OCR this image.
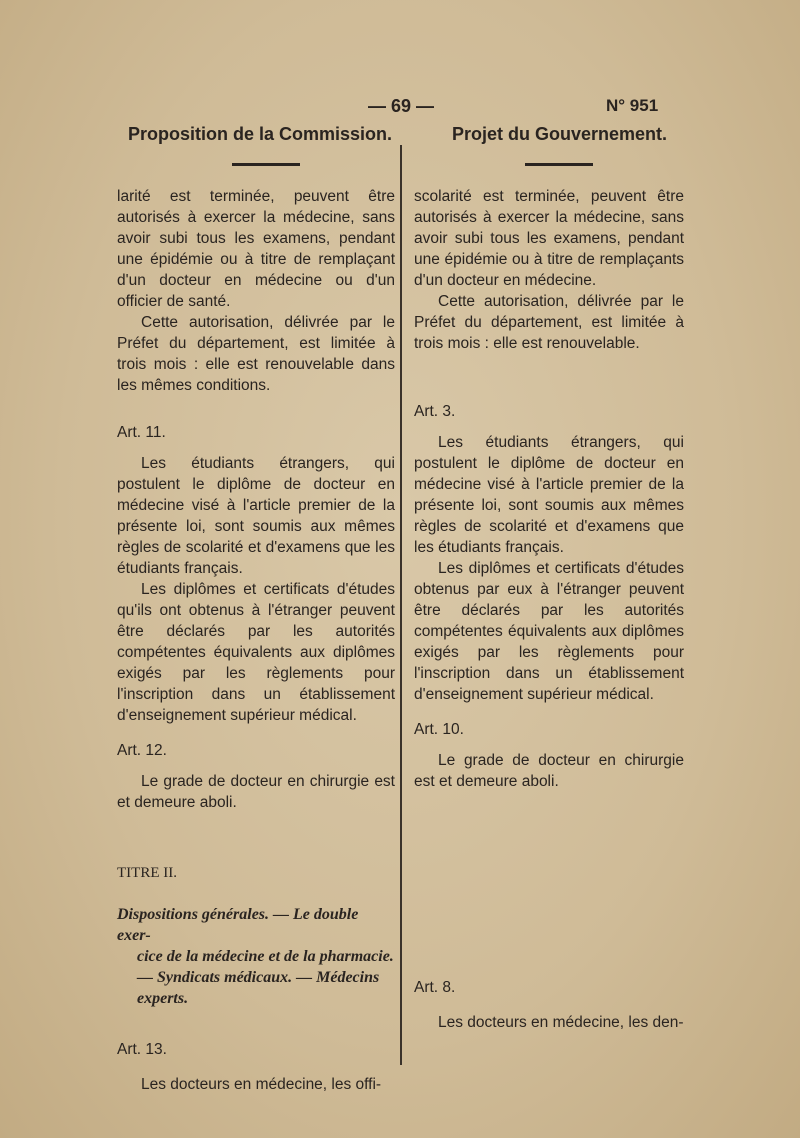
— 69 —	N° 951
Proposition de la Commission.	Projet du Gouvernement.

larité est terminée, peuvent être autorisés à exercer la médecine, sans avoir subi tous les examens, pendant une épidémie ou à titre de remplaçant d'un docteur en médecine ou d'un officier de santé.

Cette autorisation, délivrée par le Préfet du département, est limitée à trois mois : elle est renouvelable dans les mêmes conditions.

Art. 11.

Les étudiants étrangers, qui postulent le diplôme de docteur en médecine visé à l'article premier de la présente loi, sont soumis aux mêmes règles de scolarité et d'examens que les étudiants français.

Les diplômes et certificats d'études qu'ils ont obtenus à l'étranger peuvent être déclarés par les autorités compétentes équivalents aux diplômes exigés par les règlements pour l'inscription dans un établissement d'enseignement supérieur médical.

Art. 12.

Le grade de docteur en chirurgie est et demeure aboli.

TITRE II.

Dispositions générales. — Le double exer-
cice de la médecine et de la pharmacie.
— Syndicats médicaux. — Médecins
experts.

Art. 13.

Les docteurs en médecine, les offi-

scolarité est terminée, peuvent être autorisés à exercer la médecine, sans avoir subi tous les examens, pendant une épidémie ou à titre de remplaçants d'un docteur en médecine.

Cette autorisation, délivrée par le Préfet du département, est limitée à trois mois : elle est renouvelable.

Art. 3.

Les étudiants étrangers, qui postulent le diplôme de docteur en médecine visé à l'article premier de la présente loi, sont soumis aux mêmes règles de scolarité et d'examens que les étudiants français.

Les diplômes et certificats d'études obtenus par eux à l'étranger peuvent être déclarés par les autorités compétentes équivalents aux diplômes exigés par les règlements pour l'inscription dans un établissement d'enseignement supérieur médical.

Art. 10.

Le grade de docteur en chirurgie est et demeure aboli.

Art. 8.

Les docteurs en médecine, les den-
